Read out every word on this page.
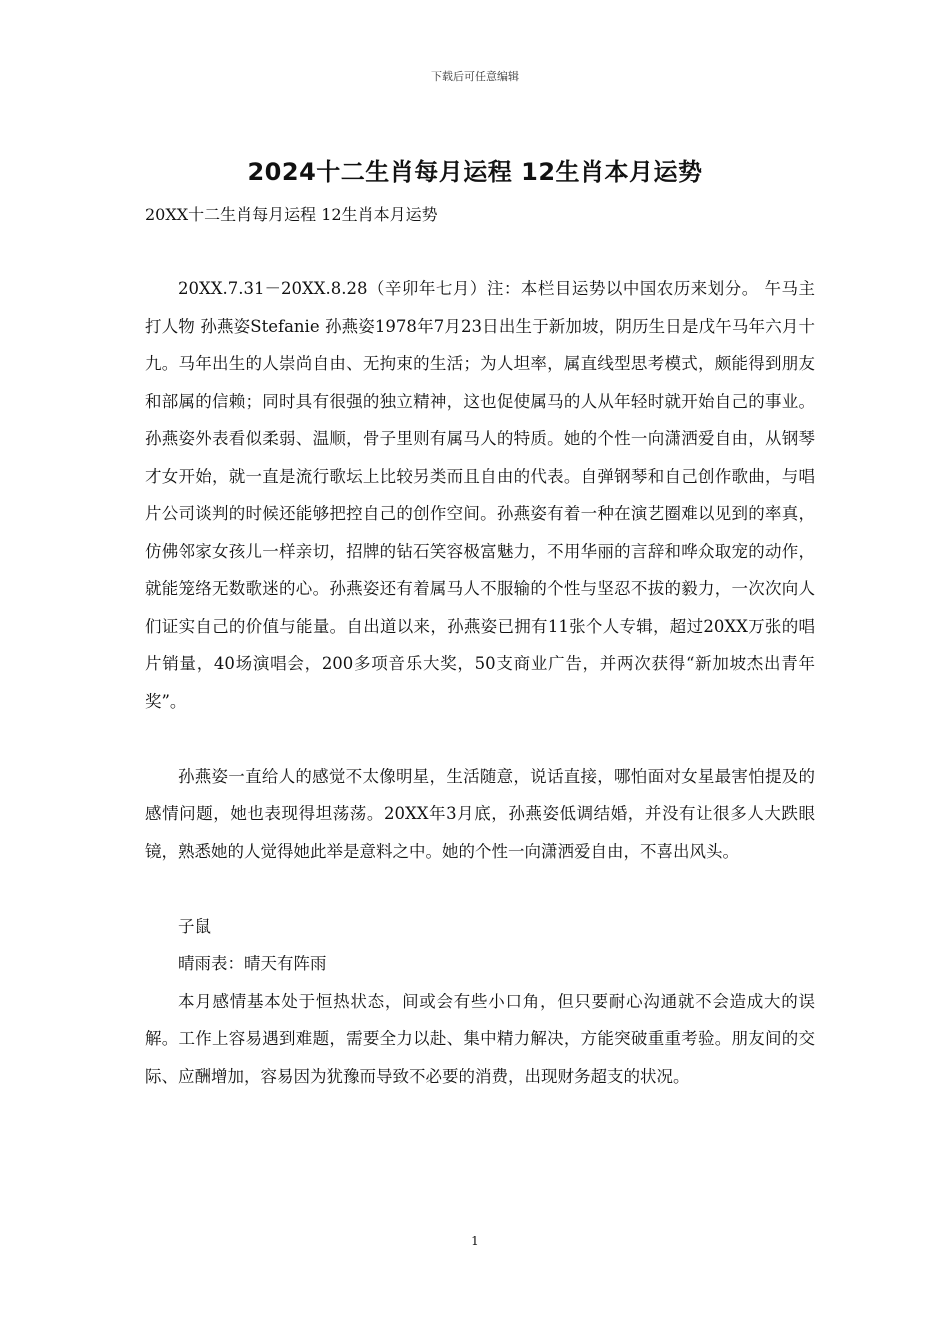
下载后可任意编辑
2024十二生肖每月运程 12生肖本月运势
20XX十二生肖每月运程 12生肖本月运势

20XX.7.31－20XX.8.28（辛卯年七月）注：本栏目运势以中国农历来划分。 午马主打人物 孙燕姿Stefanie 孙燕姿1978年7月23日出生于新加坡，阴历生日是戊午马年六月十九。马年出生的人崇尚自由、无拘束的生活；为人坦率，属直线型思考模式，颇能得到朋友和部属的信赖；同时具有很强的独立精神，这也促使属马的人从年轻时就开始自己的事业。孙燕姿外表看似柔弱、温顺，骨子里则有属马人的特质。她的个性一向潇洒爱自由，从钢琴才女开始，就一直是流行歌坛上比较另类而且自由的代表。自弹钢琴和自己创作歌曲，与唱片公司谈判的时候还能够把控自己的创作空间。孙燕姿有着一种在演艺圈难以见到的率真，仿佛邻家女孩儿一样亲切，招牌的钻石笑容极富魅力，不用华丽的言辞和哗众取宠的动作，就能笼络无数歌迷的心。孙燕姿还有着属马人不服输的个性与坚忍不拔的毅力，一次次向人们证实自己的价值与能量。自出道以来，孙燕姿已拥有11张个人专辑，超过20XX万张的唱片销量，40场演唱会，200多项音乐大奖，50支商业广告，并两次获得“新加坡杰出青年奖”。

孙燕姿一直给人的感觉不太像明星，生活随意，说话直接，哪怕面对女星最害怕提及的感情问题，她也表现得坦荡荡。20XX年3月底，孙燕姿低调结婚，并没有让很多人大跌眼镜，熟悉她的人觉得她此举是意料之中。她的个性一向潇洒爱自由，不喜出风头。

子鼠

晴雨表：晴天有阵雨

本月感情基本处于恒热状态，间或会有些小口角，但只要耐心沟通就不会造成大的误解。工作上容易遇到难题，需要全力以赴、集中精力解决，方能突破重重考验。朋友间的交际、应酬增加，容易因为犹豫而导致不必要的消费，出现财务超支的状况。

1
